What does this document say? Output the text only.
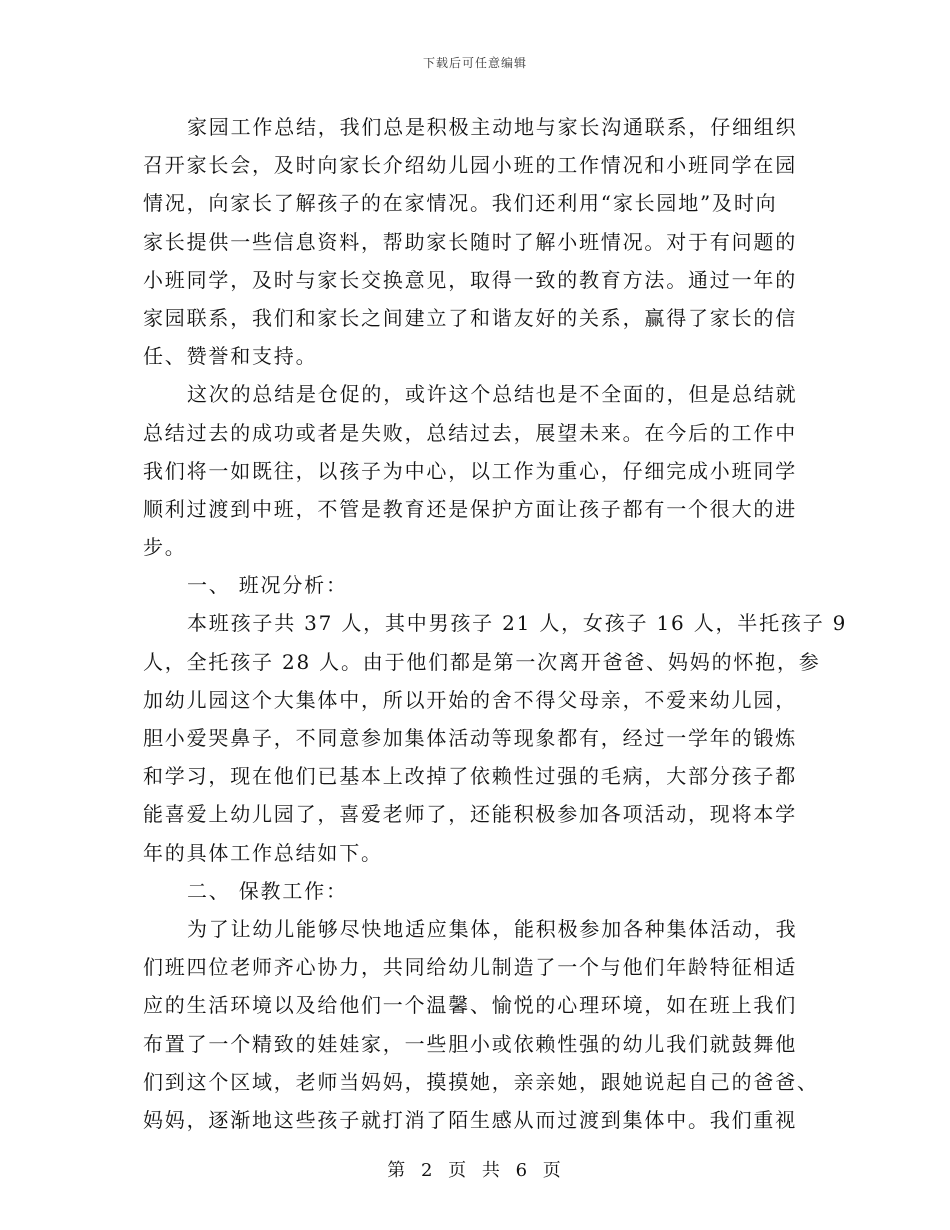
下载后可任意编辑
家园工作总结，我们总是积极主动地与家长沟通联系，仔细组织
召开家长会，及时向家长介绍幼儿园小班的工作情况和小班同学在园
情况，向家长了解孩子的在家情况。我们还利用“家长园地”及时向
家长提供一些信息资料，帮助家长随时了解小班情况。对于有问题的
小班同学，及时与家长交换意见，取得一致的教育方法。通过一年的
家园联系，我们和家长之间建立了和谐友好的关系，赢得了家长的信
任、赞誉和支持。
这次的总结是仓促的，或许这个总结也是不全面的，但是总结就
总结过去的成功或者是失败，总结过去，展望未来。在今后的工作中
我们将一如既往，以孩子为中心，以工作为重心，仔细完成小班同学
顺利过渡到中班，不管是教育还是保护方面让孩子都有一个很大的进
步。
一、 班况分析：
本班孩子共 37 人，其中男孩子 21 人，女孩子 16 人，半托孩子 9
人，全托孩子 28 人。由于他们都是第一次离开爸爸、妈妈的怀抱，参
加幼儿园这个大集体中，所以开始的舍不得父母亲，不爱来幼儿园，
胆小爱哭鼻子，不同意参加集体活动等现象都有，经过一学年的锻炼
和学习，现在他们已基本上改掉了依赖性过强的毛病，大部分孩子都
能喜爱上幼儿园了，喜爱老师了，还能积极参加各项活动，现将本学
年的具体工作总结如下。
二、 保教工作：
为了让幼儿能够尽快地适应集体，能积极参加各种集体活动，我
们班四位老师齐心协力，共同给幼儿制造了一个与他们年龄特征相适
应的生活环境以及给他们一个温馨、愉悦的心理环境，如在班上我们
布置了一个精致的娃娃家，一些胆小或依赖性强的幼儿我们就鼓舞他
们到这个区域，老师当妈妈，摸摸她，亲亲她，跟她说起自己的爸爸、
妈妈，逐渐地这些孩子就打消了陌生感从而过渡到集体中。我们重视
第 2 页 共 6 页
